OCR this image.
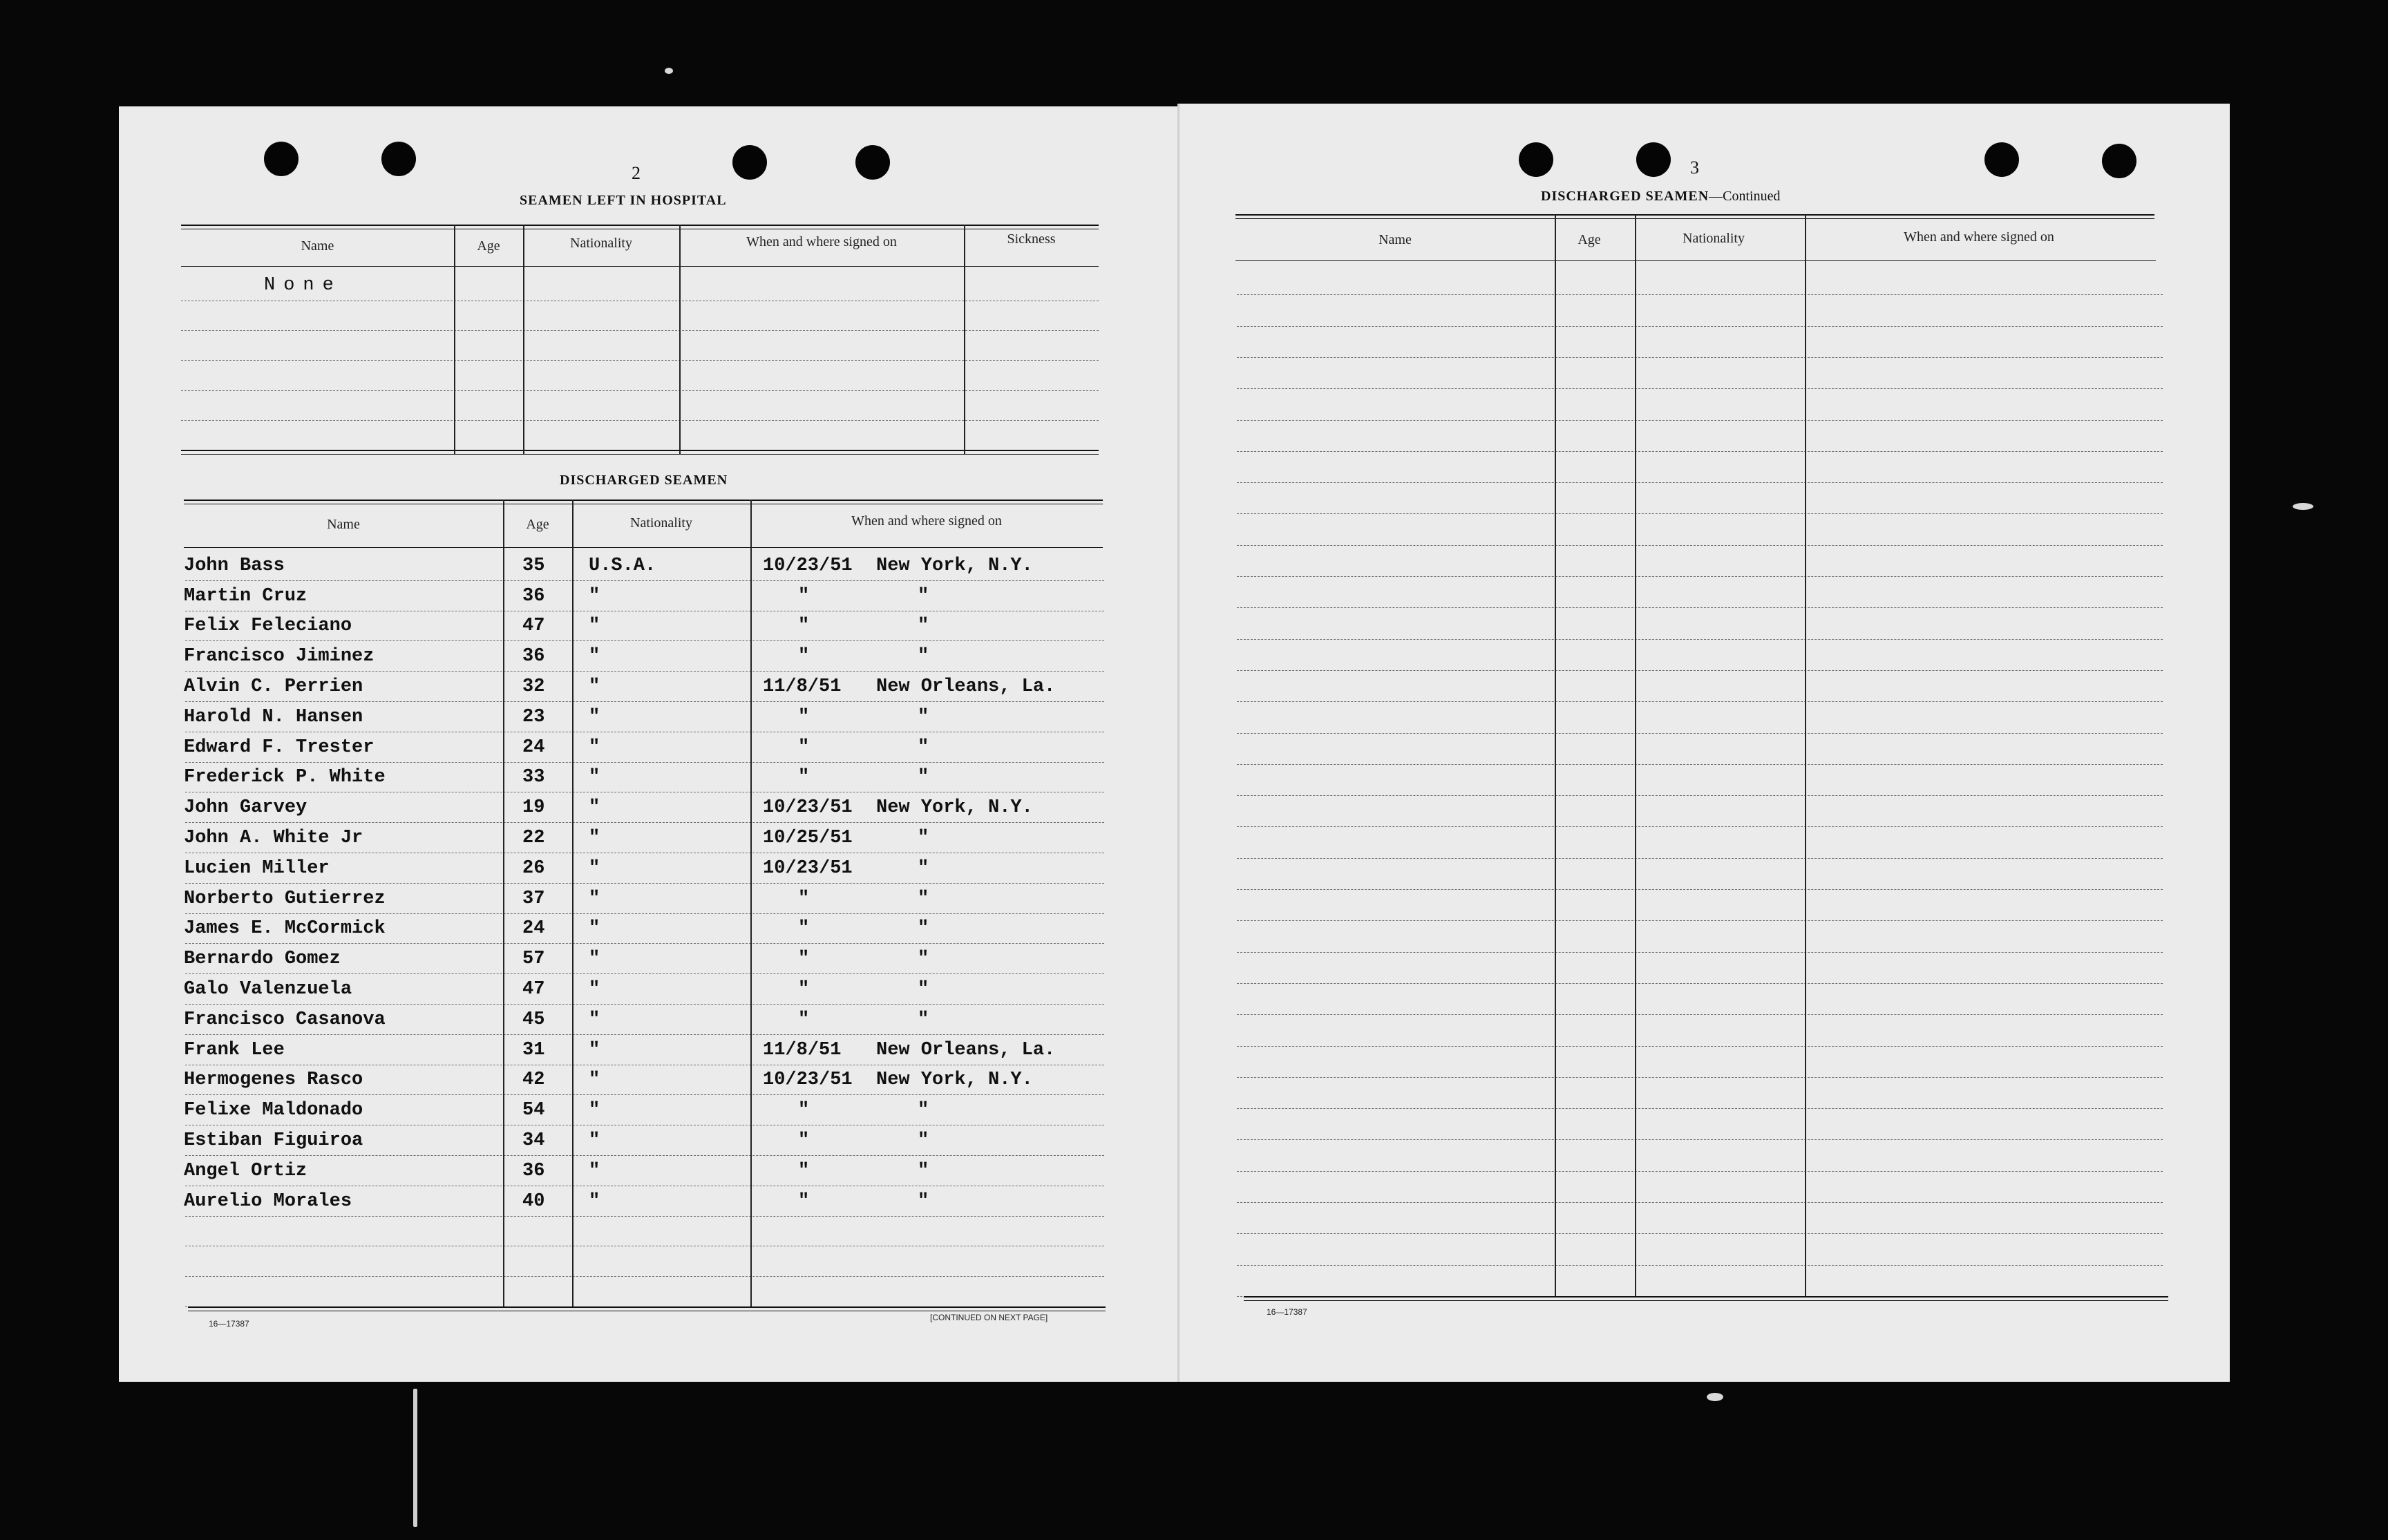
2
SEAMEN LEFT IN HOSPITAL
Name	Age	Nationality	When and where signed on	Sickness
None
DISCHARGED SEAMEN
Name	Age	Nationality	When and where signed on
John Bass	35 U.S.A.	10/23/51 New York, N.Y.
Martin Cruz	36 "	"	"
Felix Feleciano	47 "	"	"
Francisco Jiminez	36 "	"	"
Alvin C. Perrien	32 "	11/8/51 New Orleans, La.
Harold N. Hansen	23 "	"	"
Edward F. Trester	24 "	"	"
Frederick P. White	33 "	"	"
John Garvey	19 "	10/23/51 New York, N.Y.
John A. White Jr	22 "	10/25/51	"
Lucien Miller	26 "	10/23/51	"
Norberto Gutierrez	37 "	"	"
James E. McCormick	24 "	"	"
Bernardo Gomez	57 "	"	"
Galo Valenzuela	47 "	"	"
Francisco Casanova	45 "	"	"
Frank Lee	31 "	11/8/51 New Orleans, La.
Hermogenes Rasco	42 "	10/23/51 New York, N.Y.
Felixe Maldonado	54 "	"	"
Estiban Figuiroa	34 "	"	"
Angel Ortiz	36 "	"	"
Aurelio Morales	40 "	"	"
16—17387
[CONTINUED ON NEXT PAGE]
3
DISCHARGED SEAMEN—Continued
Name	Age	Nationality	When and where signed on
16—17387
